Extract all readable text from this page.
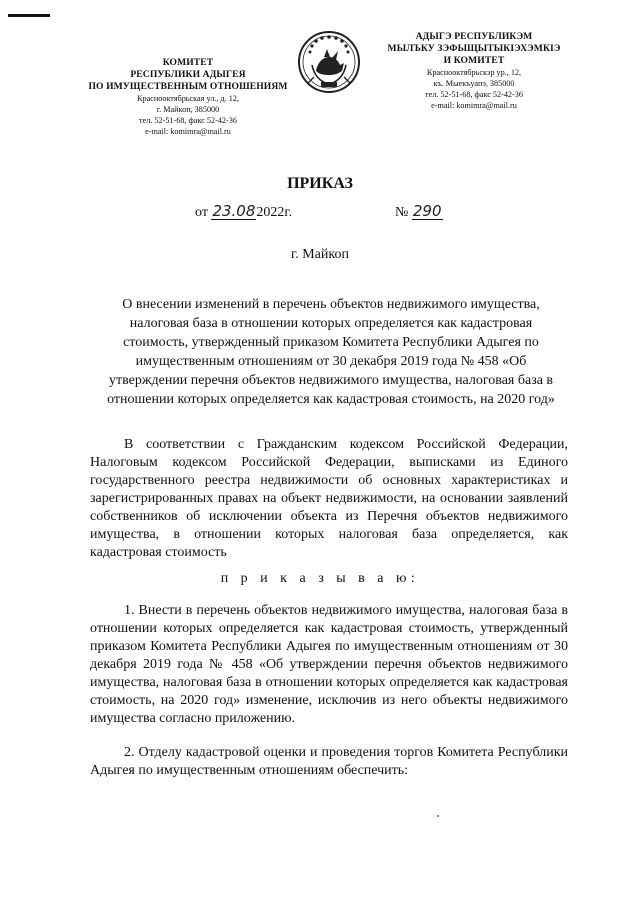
КОМИТЕТ
РЕСПУБЛИКИ АДЫГЕЯ
ПО ИМУЩЕСТВЕННЫМ ОТНОШЕНИЯМ
Краснооктябрьская ул., д. 12,
г. Майкоп, 385000
тел. 52-51-68, факс 52-42-36
e-mail: komimra@mail.ru
АДЫГЭ РЕСПУБЛИКЭМ
МЫЛЪКУ ЗЭФЫЩЫТЫКІЭХЭМКІЭ
И КОМИТЕТ
Краснооктябрьскэр ур., 12,
къ. Мыекъуапэ, 385000
тел. 52-51-68, факс 52-42-36
e-mail: komimra@mail.ru
ПРИКАЗ
от 23.082022г.	№ 290
г. Майкоп
О внесении изменений в перечень объектов недвижимого имущества, налоговая база в отношении которых определяется как кадастровая стоимость, утвержденный приказом Комитета Республики Адыгея по имущественным отношениям от 30 декабря 2019 года № 458 «Об утверждении перечня объектов недвижимого имущества, налоговая база в отношении которых определяется как кадастровая стоимость, на 2020 год»
В соответствии с Гражданским кодексом Российской Федерации, Налоговым кодексом Российской Федерации, выписками из Единого государственного реестра недвижимости об основных характеристиках и зарегистрированных правах на объект недвижимости, на основании заявлений собственников об исключении объекта из Перечня объектов недвижимого имущества, в отношении которых налоговая база определяется, как кадастровая стоимость
п р и к а з ы в а ю:
1. Внести в перечень объектов недвижимого имущества, налоговая база в отношении которых определяется как кадастровая стоимость, утвержденный приказом Комитета Республики Адыгея по имущественным отношениям от 30 декабря 2019 года № 458 «Об утверждении перечня объектов недвижимого имущества, налоговая база в отношении которых определяется как кадастровая стоимость, на 2020 год» изменение, исключив из него объекты недвижимого имущества согласно приложению.
2. Отделу кадастровой оценки и проведения торгов Комитета Республики Адыгея по имущественным отношениям обеспечить:
